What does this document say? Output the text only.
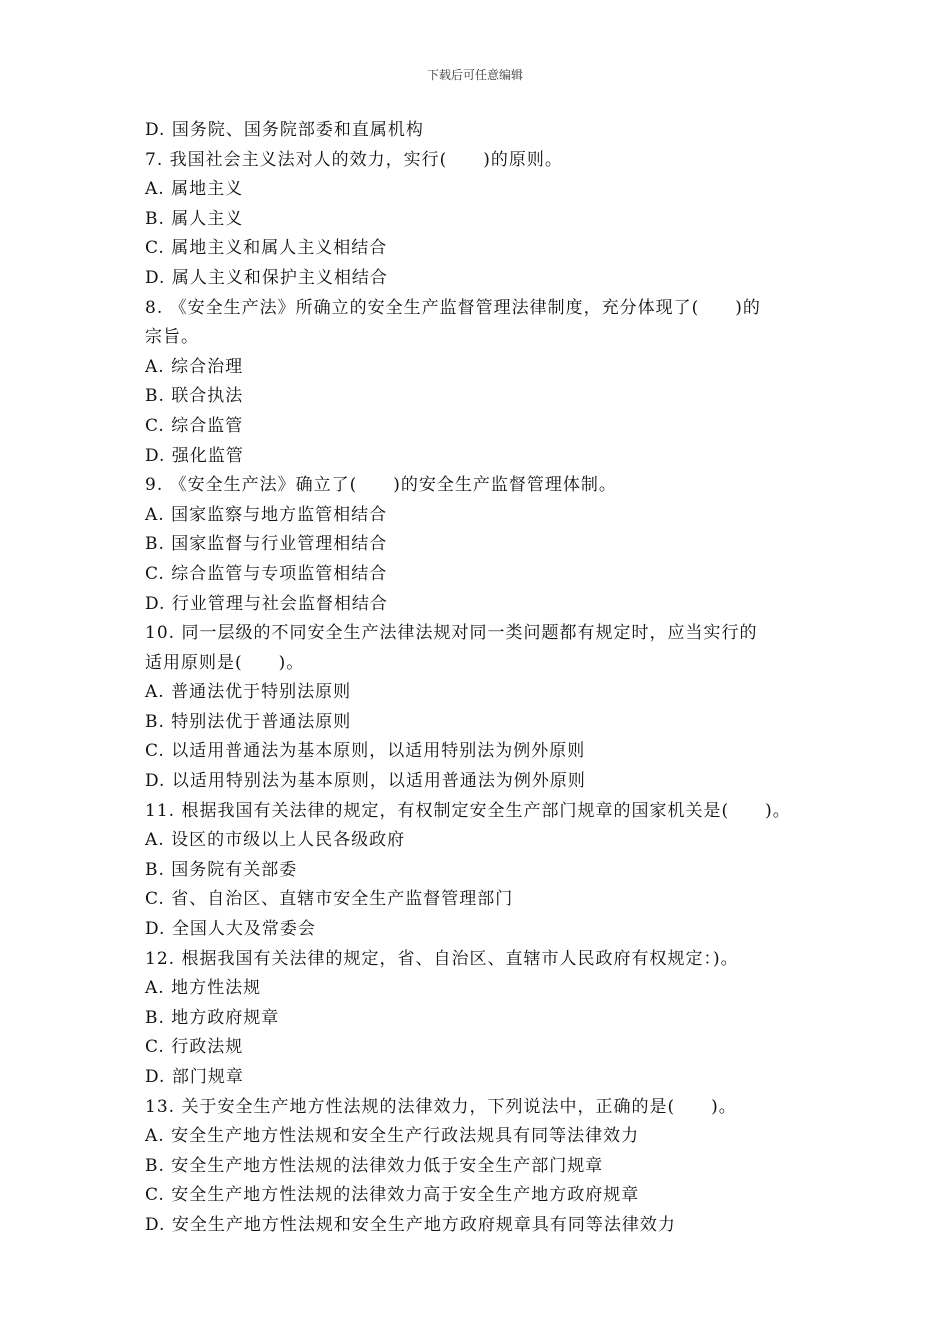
下载后可任意编辑
D. 国务院、国务院部委和直属机构
7. 我国社会主义法对人的效力，实行(　　)的原则。
A. 属地主义
B. 属人主义
C. 属地主义和属人主义相结合
D. 属人主义和保护主义相结合
8. 《安全生产法》所确立的安全生产监督管理法律制度，充分体现了(　　)的
宗旨。
A. 综合治理
B. 联合执法
C. 综合监管
D. 强化监管
9. 《安全生产法》确立了(　　)的安全生产监督管理体制。
A. 国家监察与地方监管相结合
B. 国家监督与行业管理相结合
C. 综合监管与专项监管相结合
D. 行业管理与社会监督相结合
10. 同一层级的不同安全生产法律法规对同一类问题都有规定时，应当实行的
适用原则是(　　)。
A. 普通法优于特别法原则
B. 特别法优于普通法原则
C. 以适用普通法为基本原则，以适用特别法为例外原则
D. 以适用特别法为基本原则，以适用普通法为例外原则
11. 根据我国有关法律的规定，有权制定安全生产部门规章的国家机关是(　　)。
A. 设区的市级以上人民各级政府
B. 国务院有关部委
C. 省、自治区、直辖市安全生产监督管理部门
D. 全国人大及常委会
12. 根据我国有关法律的规定，省、自治区、直辖市人民政府有权规定：)。
A. 地方性法规
B. 地方政府规章
C. 行政法规
D. 部门规章
13. 关于安全生产地方性法规的法律效力，下列说法中，正确的是(　　)。
A. 安全生产地方性法规和安全生产行政法规具有同等法律效力
B. 安全生产地方性法规的法律效力低于安全生产部门规章
C. 安全生产地方性法规的法律效力高于安全生产地方政府规章
D. 安全生产地方性法规和安全生产地方政府规章具有同等法律效力
